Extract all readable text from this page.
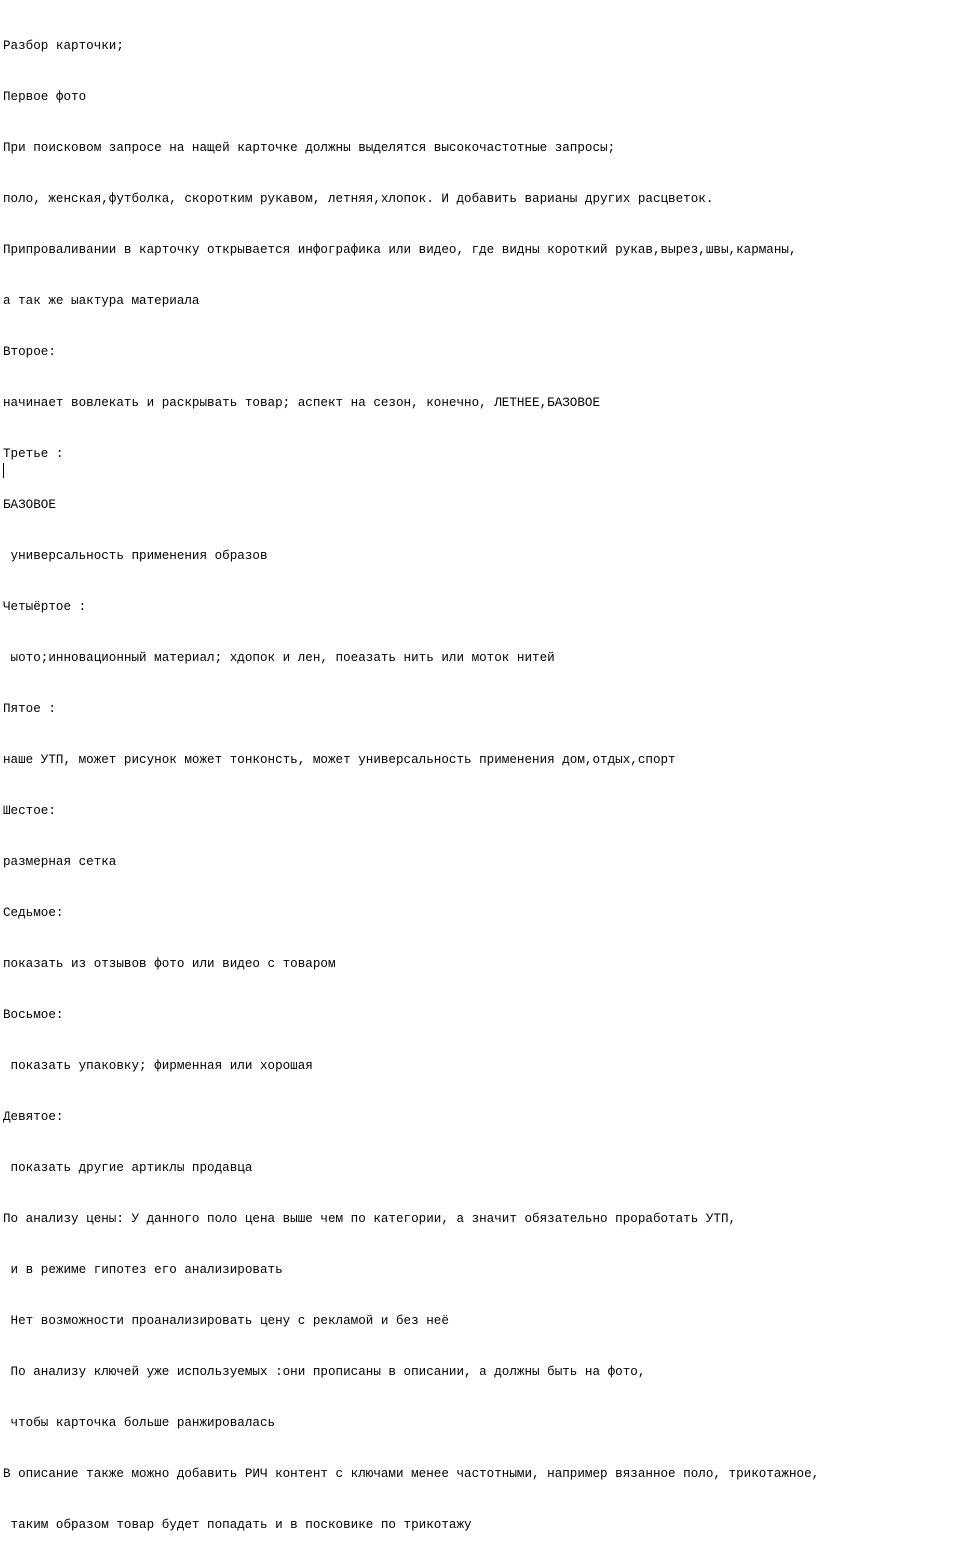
Разбор карточки;

Первое фото

При поисковом запросе на нащей карточке должны выделятся высокочастотные запросы;

поло, женская,футболка, скоротким рукавом, летняя,хлопок. И добавить варианы других расцветок.

Припроваливании в карточку открывается инфографика или видео, где видны короткий рукав,вырез,швы,карманы,

а так же ыактура материала

Второе:

начинает вовлекать и раскрывать товар; аспект на сезон, конечно, ЛЕТНЕЕ,БАЗОВОЕ

Третье :

БАЗОВОЕ

универсальность применения образов

Четыёртое :

ыото;инновационный материал; хдопок и лен, поеазать нить или моток нитей

Пятое :

наше УТП, может рисунок может тонконсть, может универсальность применения дом,отдых,спорт

Шестое:

размерная сетка

Седьмое:

показать из отзывов фото или видео с товаром

Восьмое:

показать упаковку; фирменная или хорошая

Девятое:

показать другие артиклы продавца

По анализу цены: У данного поло цена выше чем по категории, а значит обязательно проработать УТП,

и в режиме гипотез его анализировать

Нет возможности проанализировать цену с рекламой и без неё

По анализу ключей уже используемых :они прописаны в описании, а должны быть на фото,

чтобы карточка больше ранжировалась

В описание также можно добавить РИЧ контент с ключами менее частотными, например вязанное поло, трикотажное,

таким образом товар будет попадать и в посковике по трикотажу
